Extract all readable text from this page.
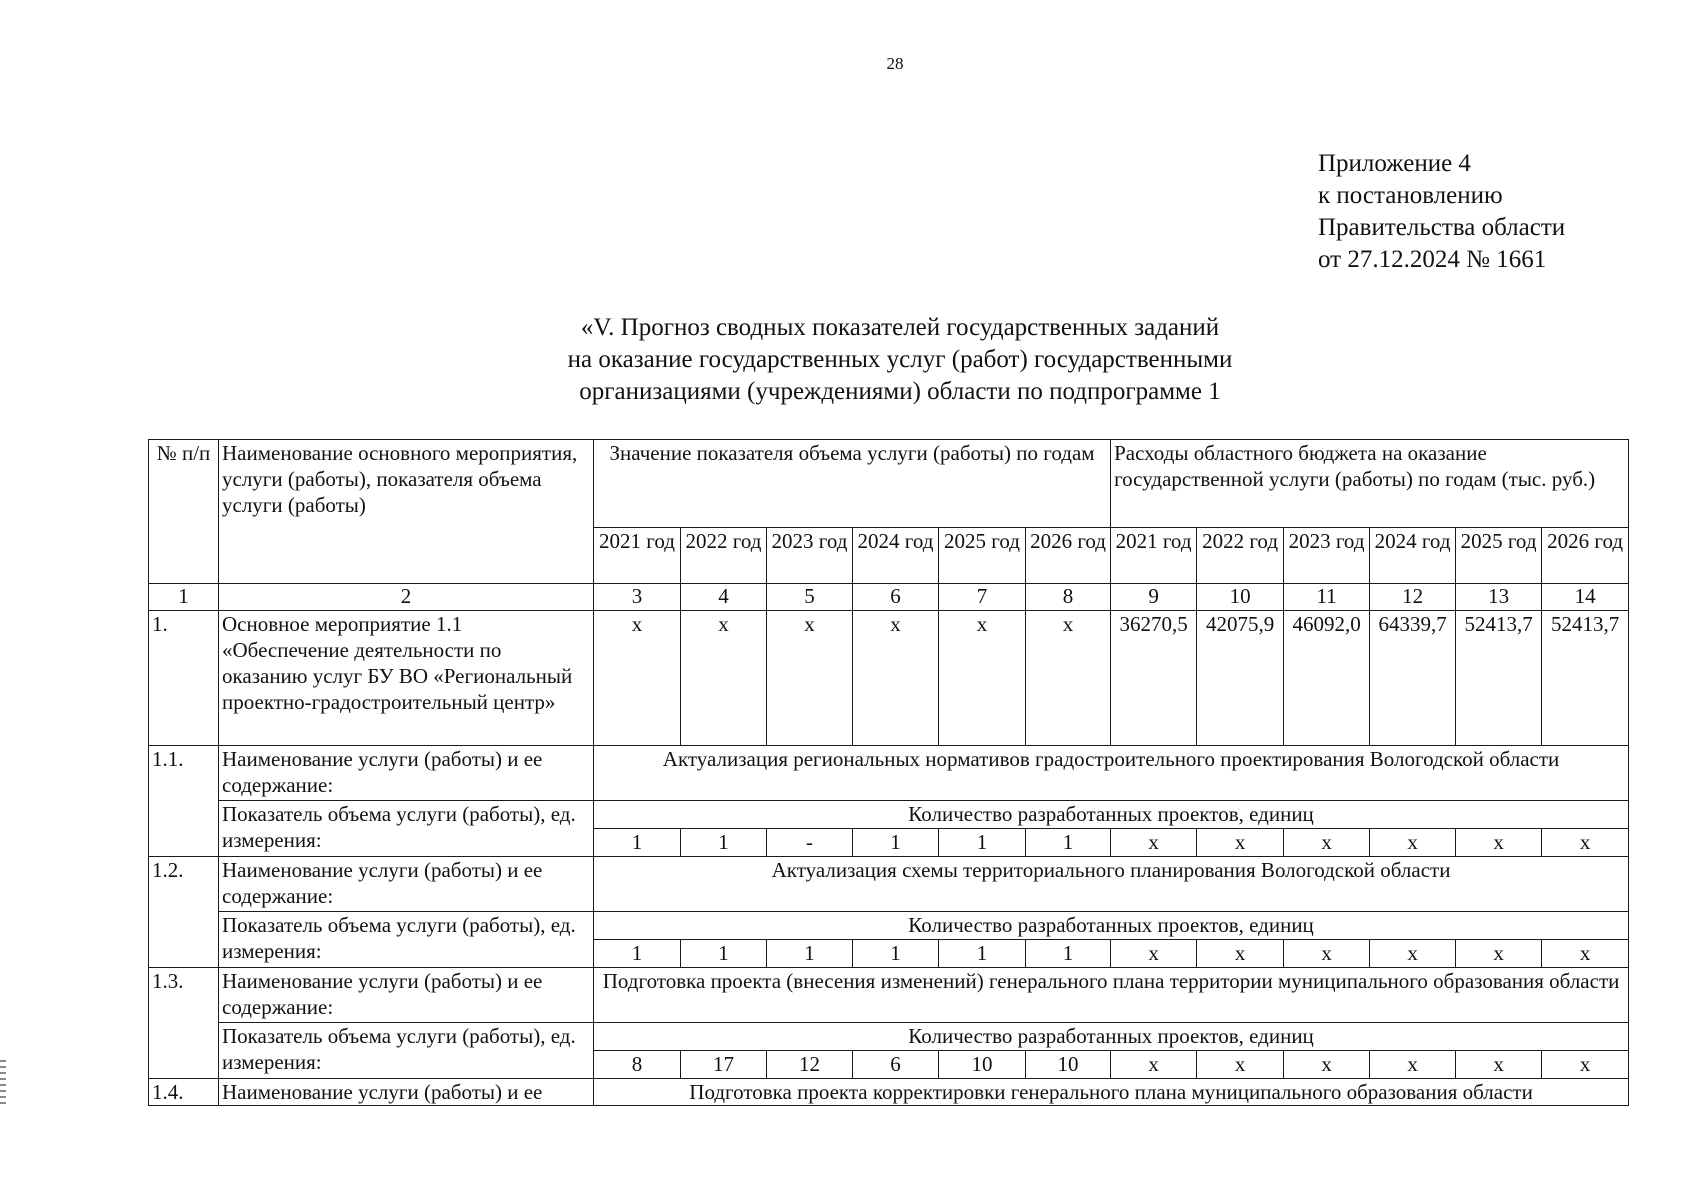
28
Приложение 4
к постановлению
Правительства области
от 27.12.2024 № 1661
«V. Прогноз сводных показателей государственных заданий
на оказание государственных услуг (работ) государственными
организациями (учреждениями) области по подпрограмме 1
№ п/п	Наименование основного мероприятия, услуги (работы), показателя объема услуги (работы)	Значение показателя объема услуги (работы) по годам						Расходы областного бюджета на оказание государственной услуги (работы) по годам (тыс. руб.)					
		2021 год	2022 год	2023 год	2024 год	2025 год	2026 год	2021 год	2022 год	2023 год	2024 год	2025 год	2026 год
1	2	3	4	5	6	7	8	9	10	11	12	13	14
1.	Основное мероприятие 1.1 «Обеспечение деятельности по оказанию услуг БУ ВО «Региональный проектно-градостроительный центр»	x	x	x	x	x	x	36270,5	42075,9	46092,0	64339,7	52413,7	52413,7
1.1.	Наименование услуги (работы) и ее содержание:	Актуализация региональных нормативов градостроительного проектирования Вологодской области											
	Показатель объема услуги (работы), ед. измерения:	Количество разработанных проектов, единиц											
		1	1	-	1	1	1	x	x	x	x	x	x
1.2.	Наименование услуги (работы) и ее содержание:	Актуализация схемы территориального планирования Вологодской области											
	Показатель объема услуги (работы), ед. измерения:	Количество разработанных проектов, единиц											
		1	1	1	1	1	1	x	x	x	x	x	x
1.3.	Наименование услуги (работы) и ее содержание:	Подготовка проекта (внесения изменений) генерального плана территории муниципального образования области											
	Показатель объема услуги (работы), ед. измерения:	Количество разработанных проектов, единиц											
		8	17	12	6	10	10	x	x	x	x	x	x
1.4.	Наименование услуги (работы) и ее	Подготовка проекта корректировки генерального плана муниципального образования области											
